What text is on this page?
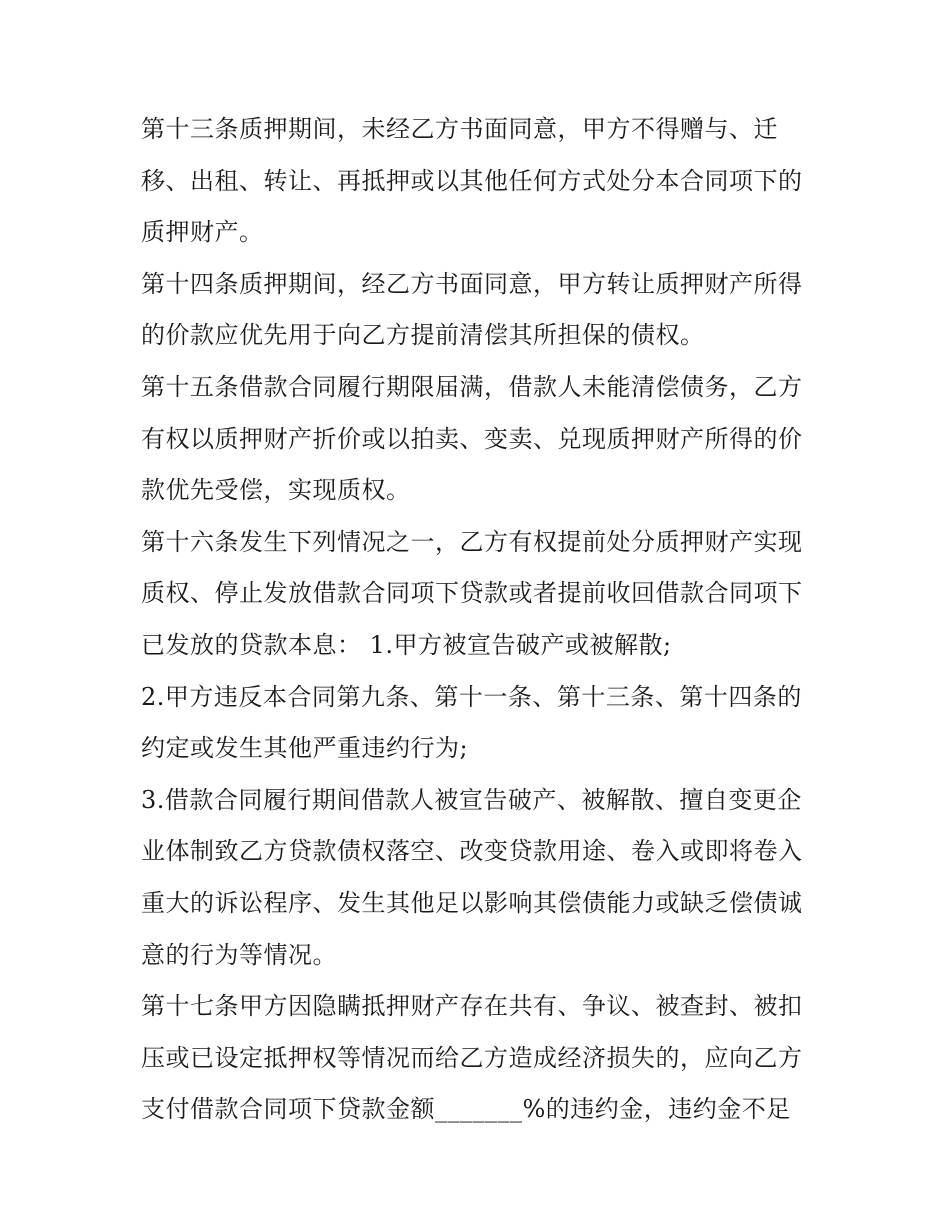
第十三条质押期间，未经乙方书面同意，甲方不得赠与、迁
移、出租、转让、再抵押或以其他任何方式处分本合同项下的
质押财产。
第十四条质押期间，经乙方书面同意，甲方转让质押财产所得
的价款应优先用于向乙方提前清偿其所担保的债权。
第十五条借款合同履行期限届满，借款人未能清偿债务，乙方
有权以质押财产折价或以拍卖、变卖、兑现质押财产所得的价
款优先受偿，实现质权。
第十六条发生下列情况之一，乙方有权提前处分质押财产实现
质权、停止发放借款合同项下贷款或者提前收回借款合同项下
已发放的贷款本息： 1.甲方被宣告破产或被解散;
2.甲方违反本合同第九条、第十一条、第十三条、第十四条的
约定或发生其他严重违约行为;
3.借款合同履行期间借款人被宣告破产、被解散、擅自变更企
业体制致乙方贷款债权落空、改变贷款用途、卷入或即将卷入
重大的诉讼程序、发生其他足以影响其偿债能力或缺乏偿债诚
意的行为等情况。
第十七条甲方因隐瞒抵押财产存在共有、争议、被查封、被扣
压或已设定抵押权等情况而给乙方造成经济损失的，应向乙方
支付借款合同项下贷款金额_______%的违约金，违约金不足
